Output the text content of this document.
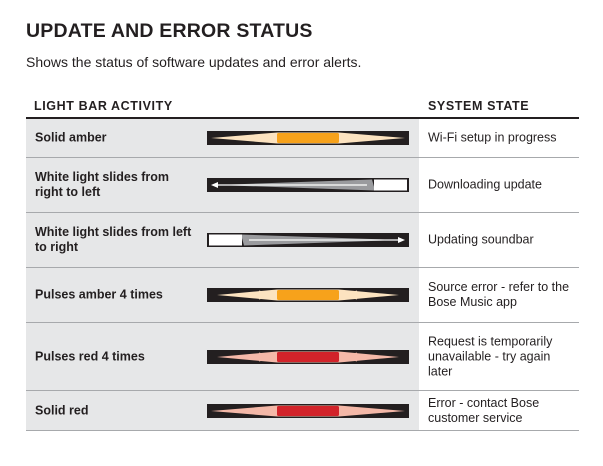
UPDATE AND ERROR STATUS
Shows the status of software updates and error alerts.
LIGHT BAR ACTIVITY	SYSTEM STATE
Solid amber	Wi-Fi setup in progress
White light slides from right to left
Downloading update
White light slides from left to right
Updating soundbar
Pulses amber 4 times
Source error - refer to the Bose Music app
Pulses red 4 times
Request is temporarily unavailable - try again later
Solid red
Error - contact Bose customer service
